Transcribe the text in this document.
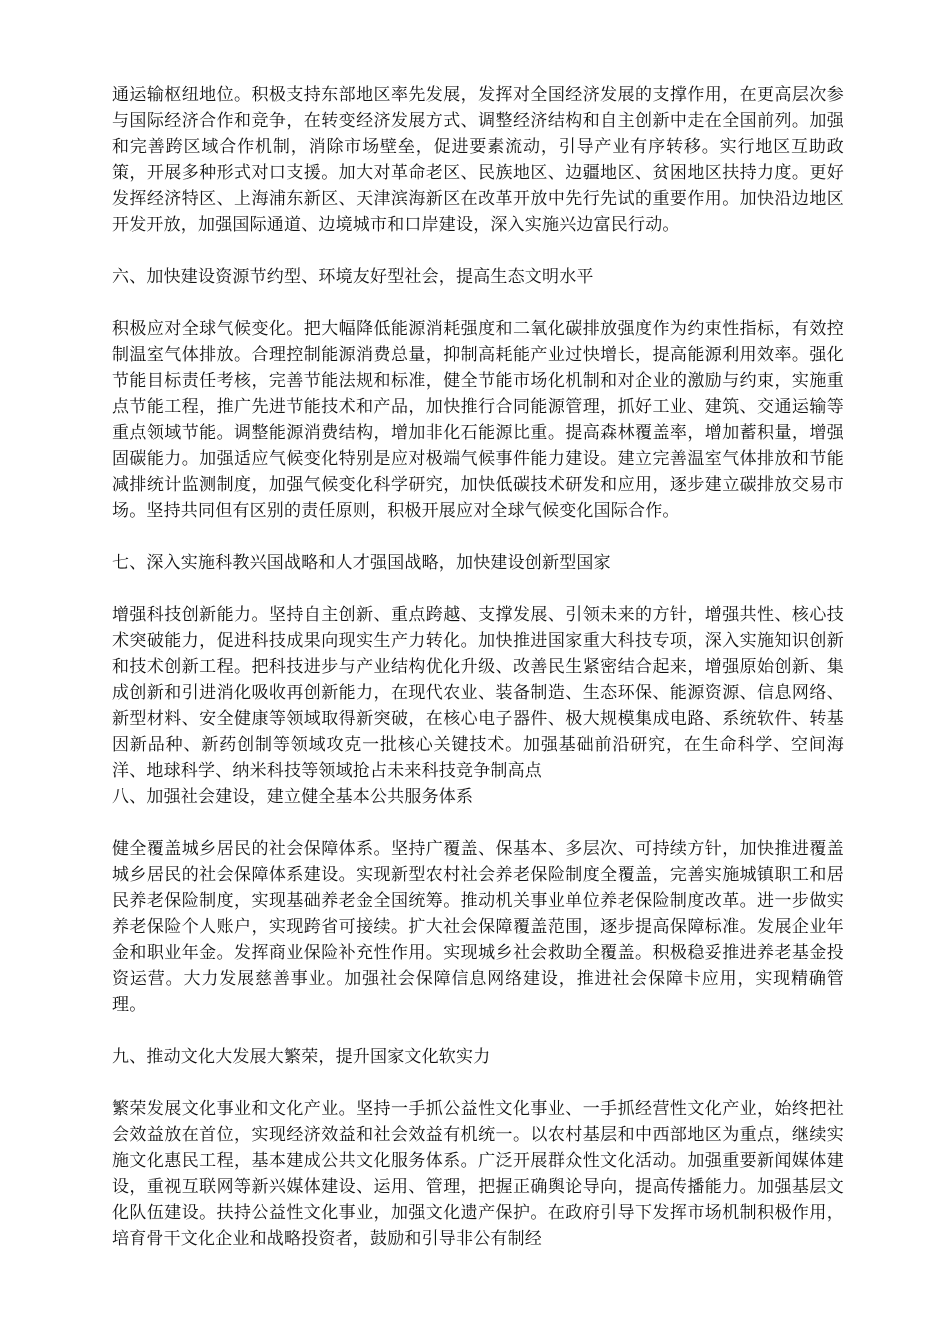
通运输枢纽地位。积极支持东部地区率先发展，发挥对全国经济发展的支撑作用，在更高层次参与国际经济合作和竞争，在转变经济发展方式、调整经济结构和自主创新中走在全国前列。加强和完善跨区域合作机制，消除市场壁垒，促进要素流动，引导产业有序转移。实行地区互助政策，开展多种形式对口支援。加大对革命老区、民族地区、边疆地区、贫困地区扶持力度。更好发挥经济特区、上海浦东新区、天津滨海新区在改革开放中先行先试的重要作用。加快沿边地区开发开放，加强国际通道、边境城市和口岸建设，深入实施兴边富民行动。

六、加快建设资源节约型、环境友好型社会，提高生态文明水平

积极应对全球气候变化。把大幅降低能源消耗强度和二氧化碳排放强度作为约束性指标，有效控制温室气体排放。合理控制能源消费总量，抑制高耗能产业过快增长，提高能源利用效率。强化节能目标责任考核，完善节能法规和标准，健全节能市场化机制和对企业的激励与约束，实施重点节能工程，推广先进节能技术和产品，加快推行合同能源管理，抓好工业、建筑、交通运输等重点领域节能。调整能源消费结构，增加非化石能源比重。提高森林覆盖率，增加蓄积量，增强固碳能力。加强适应气候变化特别是应对极端气候事件能力建设。建立完善温室气体排放和节能减排统计监测制度，加强气候变化科学研究，加快低碳技术研发和应用，逐步建立碳排放交易市场。坚持共同但有区别的责任原则，积极开展应对全球气候变化国际合作。

七、深入实施科教兴国战略和人才强国战略，加快建设创新型国家

增强科技创新能力。坚持自主创新、重点跨越、支撑发展、引领未来的方针，增强共性、核心技术突破能力，促进科技成果向现实生产力转化。加快推进国家重大科技专项，深入实施知识创新和技术创新工程。把科技进步与产业结构优化升级、改善民生紧密结合起来，增强原始创新、集成创新和引进消化吸收再创新能力，在现代农业、装备制造、生态环保、能源资源、信息网络、新型材料、安全健康等领域取得新突破，在核心电子器件、极大规模集成电路、系统软件、转基因新品种、新药创制等领域攻克一批核心关键技术。加强基础前沿研究，在生命科学、空间海洋、地球科学、纳米科技等领域抢占未来科技竞争制高点

八、加强社会建设，建立健全基本公共服务体系

健全覆盖城乡居民的社会保障体系。坚持广覆盖、保基本、多层次、可持续方针，加快推进覆盖城乡居民的社会保障体系建设。实现新型农村社会养老保险制度全覆盖，完善实施城镇职工和居民养老保险制度，实现基础养老金全国统筹。推动机关事业单位养老保险制度改革。进一步做实养老保险个人账户，实现跨省可接续。扩大社会保障覆盖范围，逐步提高保障标准。发展企业年金和职业年金。发挥商业保险补充性作用。实现城乡社会救助全覆盖。积极稳妥推进养老基金投资运营。大力发展慈善事业。加强社会保障信息网络建设，推进社会保障卡应用，实现精确管理。

九、推动文化大发展大繁荣，提升国家文化软实力

繁荣发展文化事业和文化产业。坚持一手抓公益性文化事业、一手抓经营性文化产业，始终把社会效益放在首位，实现经济效益和社会效益有机统一。以农村基层和中西部地区为重点，继续实施文化惠民工程，基本建成公共文化服务体系。广泛开展群众性文化活动。加强重要新闻媒体建设，重视互联网等新兴媒体建设、运用、管理，把握正确舆论导向，提高传播能力。加强基层文化队伍建设。扶持公益性文化事业，加强文化遗产保护。在政府引导下发挥市场机制积极作用，培育骨干文化企业和战略投资者，鼓励和引导非公有制经
